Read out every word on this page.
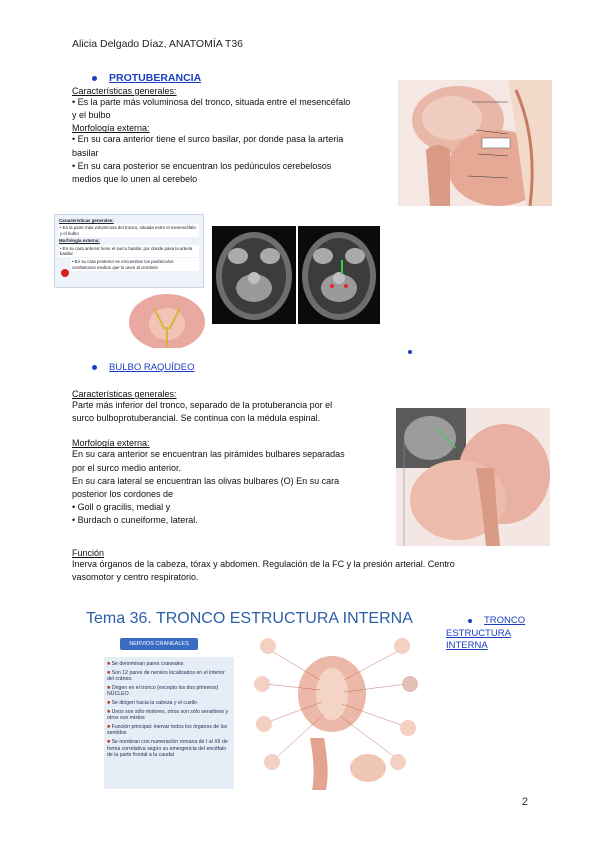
Alicia Delgado Díaz, ANATOMÍA T36
PROTUBERANCIA
Características generales:
• Es la parte más voluminosa del tronco, situada entre el mesencéfalo
y el bulbo
Morfología externa:
• En su cara anterior tiene el surco basilar, por donde pasa la arteria
basilar
• En su cara posterior se encuentran los pedúnculos cerebelosos
medios que lo unen al cerebelo
Características generales:
• Es la parte más voluminosa del tronco, situada entre el mesencéfalo y el bulbo
Morfología externa:
• En su cara anterior tiene el surco basilar, por donde pasa la arteria basilar
• En su cara posterior se encuentran los pedúnculos cerebelosos medios que lo unen al cerebelo
BULBO RAQUÍDEO
Características generales:
Parte más inferior del tronco, separado de la protuberancia por el
surco bulboprotuberancial. Se continua con la médula espinal.
Morfología externa:
En su cara anterior se encuentran las pirámides bulbares separadas
por el surco medio anterior.
En su cara lateral se encuentran las olivas bulbares (O) En su cara
posterior los cordones de
• Goll o gracilis, medial y
• Burdach o cuneiforme, lateral.
Función
Inerva órganos de la cabeza, tórax y abdomen. Regulación de la FC y la presión arterial. Centro
vasomotor y centro respiratorio.
Tema 36. TRONCO ESTRUCTURA INTERNA
NERVIOS CRANEALES
■ Se denominan pares craneales
■ Son 12 pares de nervios localizados en el interior del cráneo.
■ Origen en el tronco (excepto los dos primeros) NÚCLEO
■ Se dirigen hacia la cabeza y el cuello
■ Unos son sólo motores, otros son sólo sensitivos y otros son mixtos
■ Función principal: inervar todos los órganos de los sentidos
■ Se nombran con numeración romana de I al XII de forma correlativa según su emergencia del encéfalo de la parte frontal a la caudal
TRONCO
ESTRUCTURA
INTERNA
2
